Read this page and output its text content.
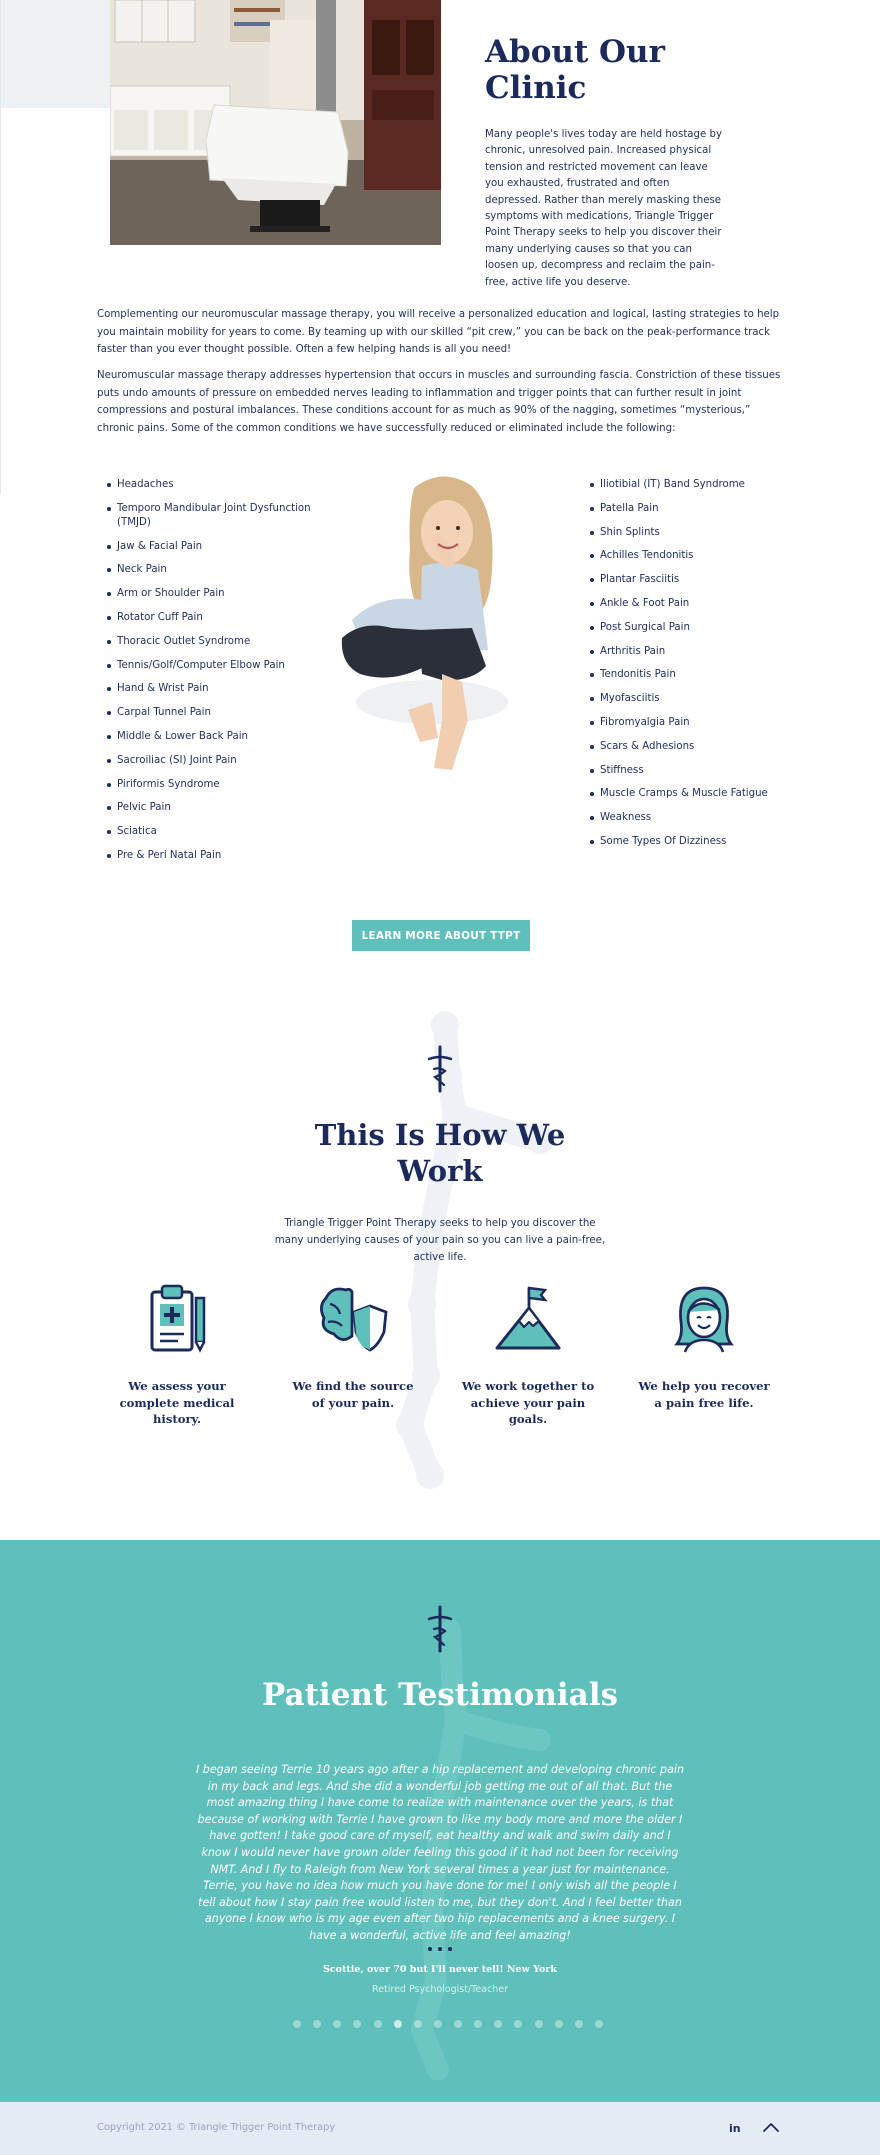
About Our
Clinic

Many people's lives today are held hostage by chronic, unresolved pain. Increased physical tension and restricted movement can leave you exhausted, frustrated and often depressed. Rather than merely masking these symptoms with medications, Triangle Trigger Point Therapy seeks to help you discover their many underlying causes so that you can loosen up, decompress and reclaim the pain-free, active life you deserve.

Complementing our neuromuscular massage therapy, you will receive a personalized education and logical, lasting strategies to help you maintain mobility for years to come. By teaming up with our skilled “pit crew,” you can be back on the peak-performance track faster than you ever thought possible. Often a few helping hands is all you need!

Neuromuscular massage therapy addresses hypertension that occurs in muscles and surrounding fascia. Constriction of these tissues puts undo amounts of pressure on embedded nerves leading to inflammation and trigger points that can further result in joint compressions and postural imbalances. These conditions account for as much as 90% of the nagging, sometimes “mysterious,” chronic pains. Some of the common conditions we have successfully reduced or eliminated include the following:

Headaches
Temporo Mandibular Joint Dysfunction (TMJD)
Jaw & Facial Pain
Neck Pain
Arm or Shoulder Pain
Rotator Cuff Pain
Thoracic Outlet Syndrome
Tennis/Golf/Computer Elbow Pain
Hand & Wrist Pain
Carpal Tunnel Pain
Middle & Lower Back Pain
Sacroiliac (SI) Joint Pain
Piriformis Syndrome
Pelvic Pain
Sciatica
Pre & Peri Natal Pain
Iliotibial (IT) Band Syndrome
Patella Pain
Shin Splints
Achilles Tendonitis
Plantar Fasciitis
Ankle & Foot Pain
Post Surgical Pain
Arthritis Pain
Tendonitis Pain
Myofasciitis
Fibromyalgia Pain
Scars & Adhesions
Stiffness
Muscle Cramps & Muscle Fatigue
Weakness
Some Types Of Dizziness
LEARN MORE ABOUT TTPT
This Is How We
Work

Triangle Trigger Point Therapy seeks to help you discover the many underlying causes of your pain so you can live a pain-free, active life.

We assess your complete medical history.
We find the source of your pain.
We work together to achieve your pain goals.
We help you recover a pain free life.
Patient Testimonials

I began seeing Terrie 10 years ago after a hip replacement and developing chronic pain in my back and legs. And she did a wonderful job getting me out of all that. But the most amazing thing I have come to realize with maintenance over the years, is that because of working with Terrie I have grown to like my body more and more the older I have gotten! I take good care of myself, eat healthy and walk and swim daily and I know I would never have grown older feeling this good if it had not been for receiving NMT. And I fly to Raleigh from New York several times a year just for maintenance. Terrie, you have no idea how much you have done for me! I only wish all the people I tell about how I stay pain free would listen to me, but they don't. And I feel better than anyone I know who is my age even after two hip replacements and a knee surgery. I have a wonderful, active life and feel amazing!

Scottie, over 70 but I'll never tell! New York
Retired Psychologist/Teacher
Copyright 2021 © Triangle Trigger Point Therapy	in
